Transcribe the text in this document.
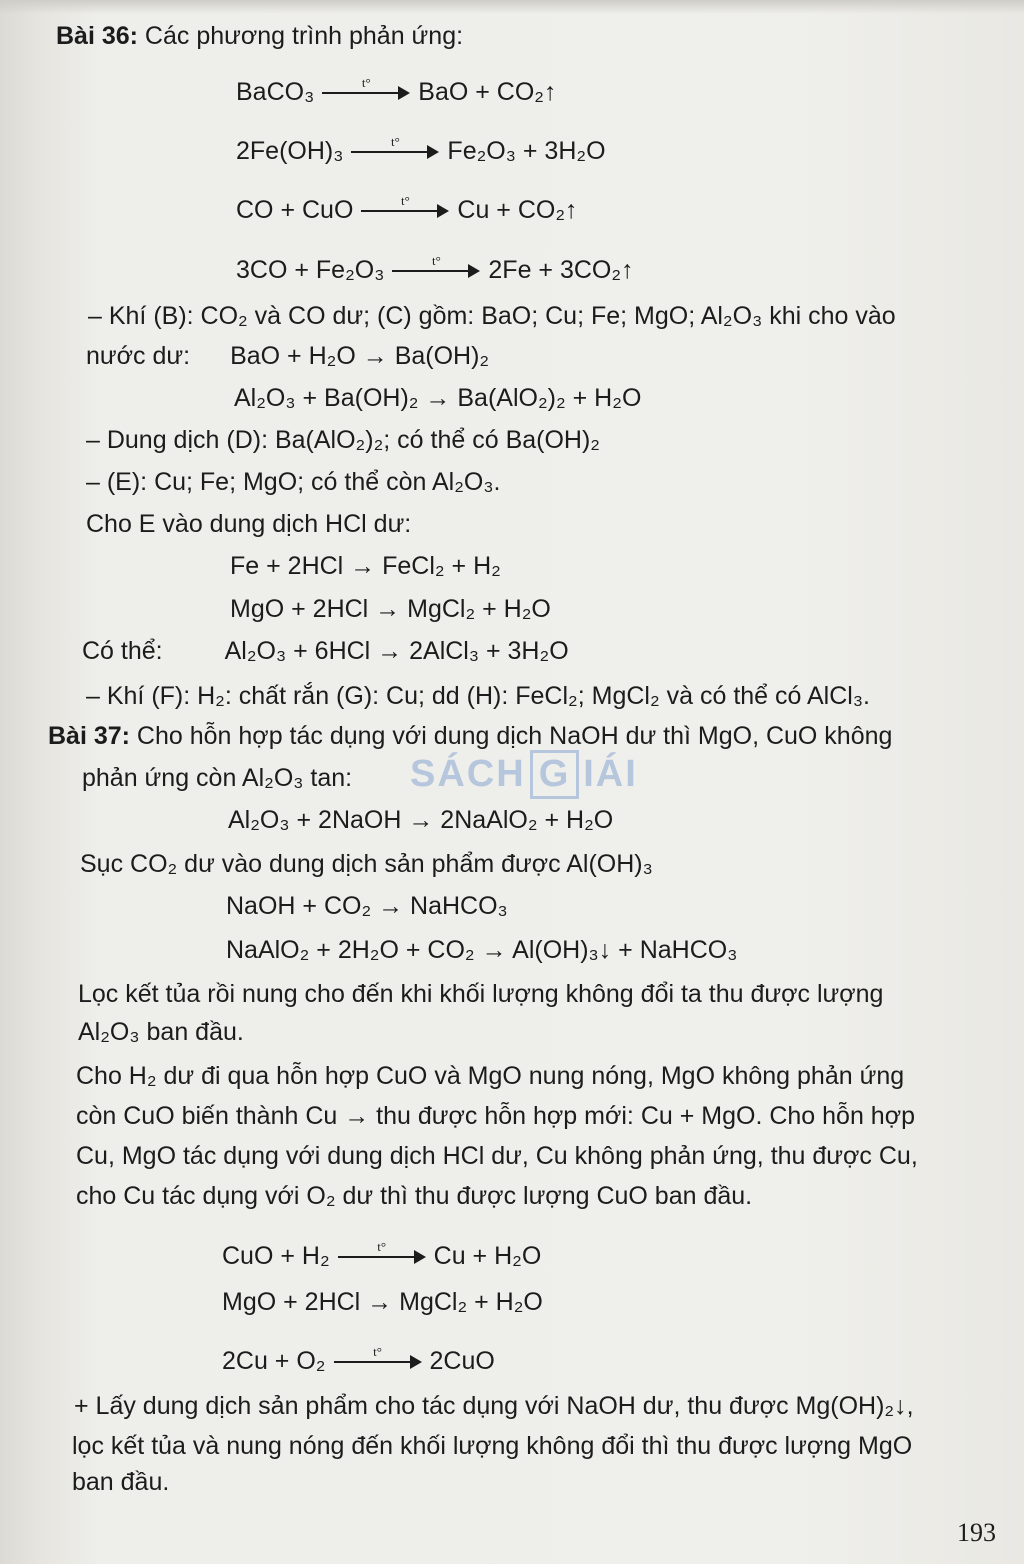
Bài 36: Các phương trình phản ứng:
BaCO₃	t°	BaO + CO₂↑
2Fe(OH)₃	t°	Fe₂O₃ + 3H₂O
CO + CuO	t°	Cu + CO₂↑
3CO + Fe₂O₃	t°	2Fe + 3CO₂↑
– Khí (B): CO₂ và CO dư; (C) gồm: BaO; Cu; Fe; MgO; Al₂O₃ khi cho vào
nước dư: BaO + H₂O → Ba(OH)₂
Al₂O₃ + Ba(OH)₂ → Ba(AlO₂)₂ + H₂O
– Dung dịch (D): Ba(AlO₂)₂; có thể có Ba(OH)₂
– (E): Cu; Fe; MgO; có thể còn Al₂O₃.
Cho E vào dung dịch HCl dư:
Fe + 2HCl → FeCl₂ + H₂
MgO + 2HCl → MgCl₂ + H₂O
Có thể: Al₂O₃ + 6HCl → 2AlCl₃ + 3H₂O
– Khí (F): H₂: chất rắn (G): Cu; dd (H): FeCl₂; MgCl₂ và có thể có AlCl₃.
Bài 37: Cho hỗn hợp tác dụng với dung dịch NaOH dư thì MgO, CuO không
phản ứng còn Al₂O₃ tan: SÁCH G IÁI
Al₂O₃ + 2NaOH → 2NaAlO₂ + H₂O
Sục CO₂ dư vào dung dịch sản phẩm được Al(OH)₃
NaOH + CO₂ → NaHCO₃
NaAlO₂ + 2H₂O + CO₂ → Al(OH)₃↓ + NaHCO₃
Lọc kết tủa rồi nung cho đến khi khối lượng không đổi ta thu được lượng
Al₂O₃ ban đầu.
Cho H₂ dư đi qua hỗn hợp CuO và MgO nung nóng, MgO không phản ứng
còn CuO biến thành Cu → thu được hỗn hợp mới: Cu + MgO. Cho hỗn hợp
Cu, MgO tác dụng với dung dịch HCl dư, Cu không phản ứng, thu được Cu,
cho Cu tác dụng với O₂ dư thì thu được lượng CuO ban đầu.
CuO + H₂	t°	Cu + H₂O
MgO + 2HCl → MgCl₂ + H₂O
2Cu + O₂	t°	2CuO
+ Lấy dung dịch sản phẩm cho tác dụng với NaOH dư, thu được Mg(OH)₂↓,
lọc kết tủa và nung nóng đến khối lượng không đổi thì thu được lượng MgO
ban đầu.
193
